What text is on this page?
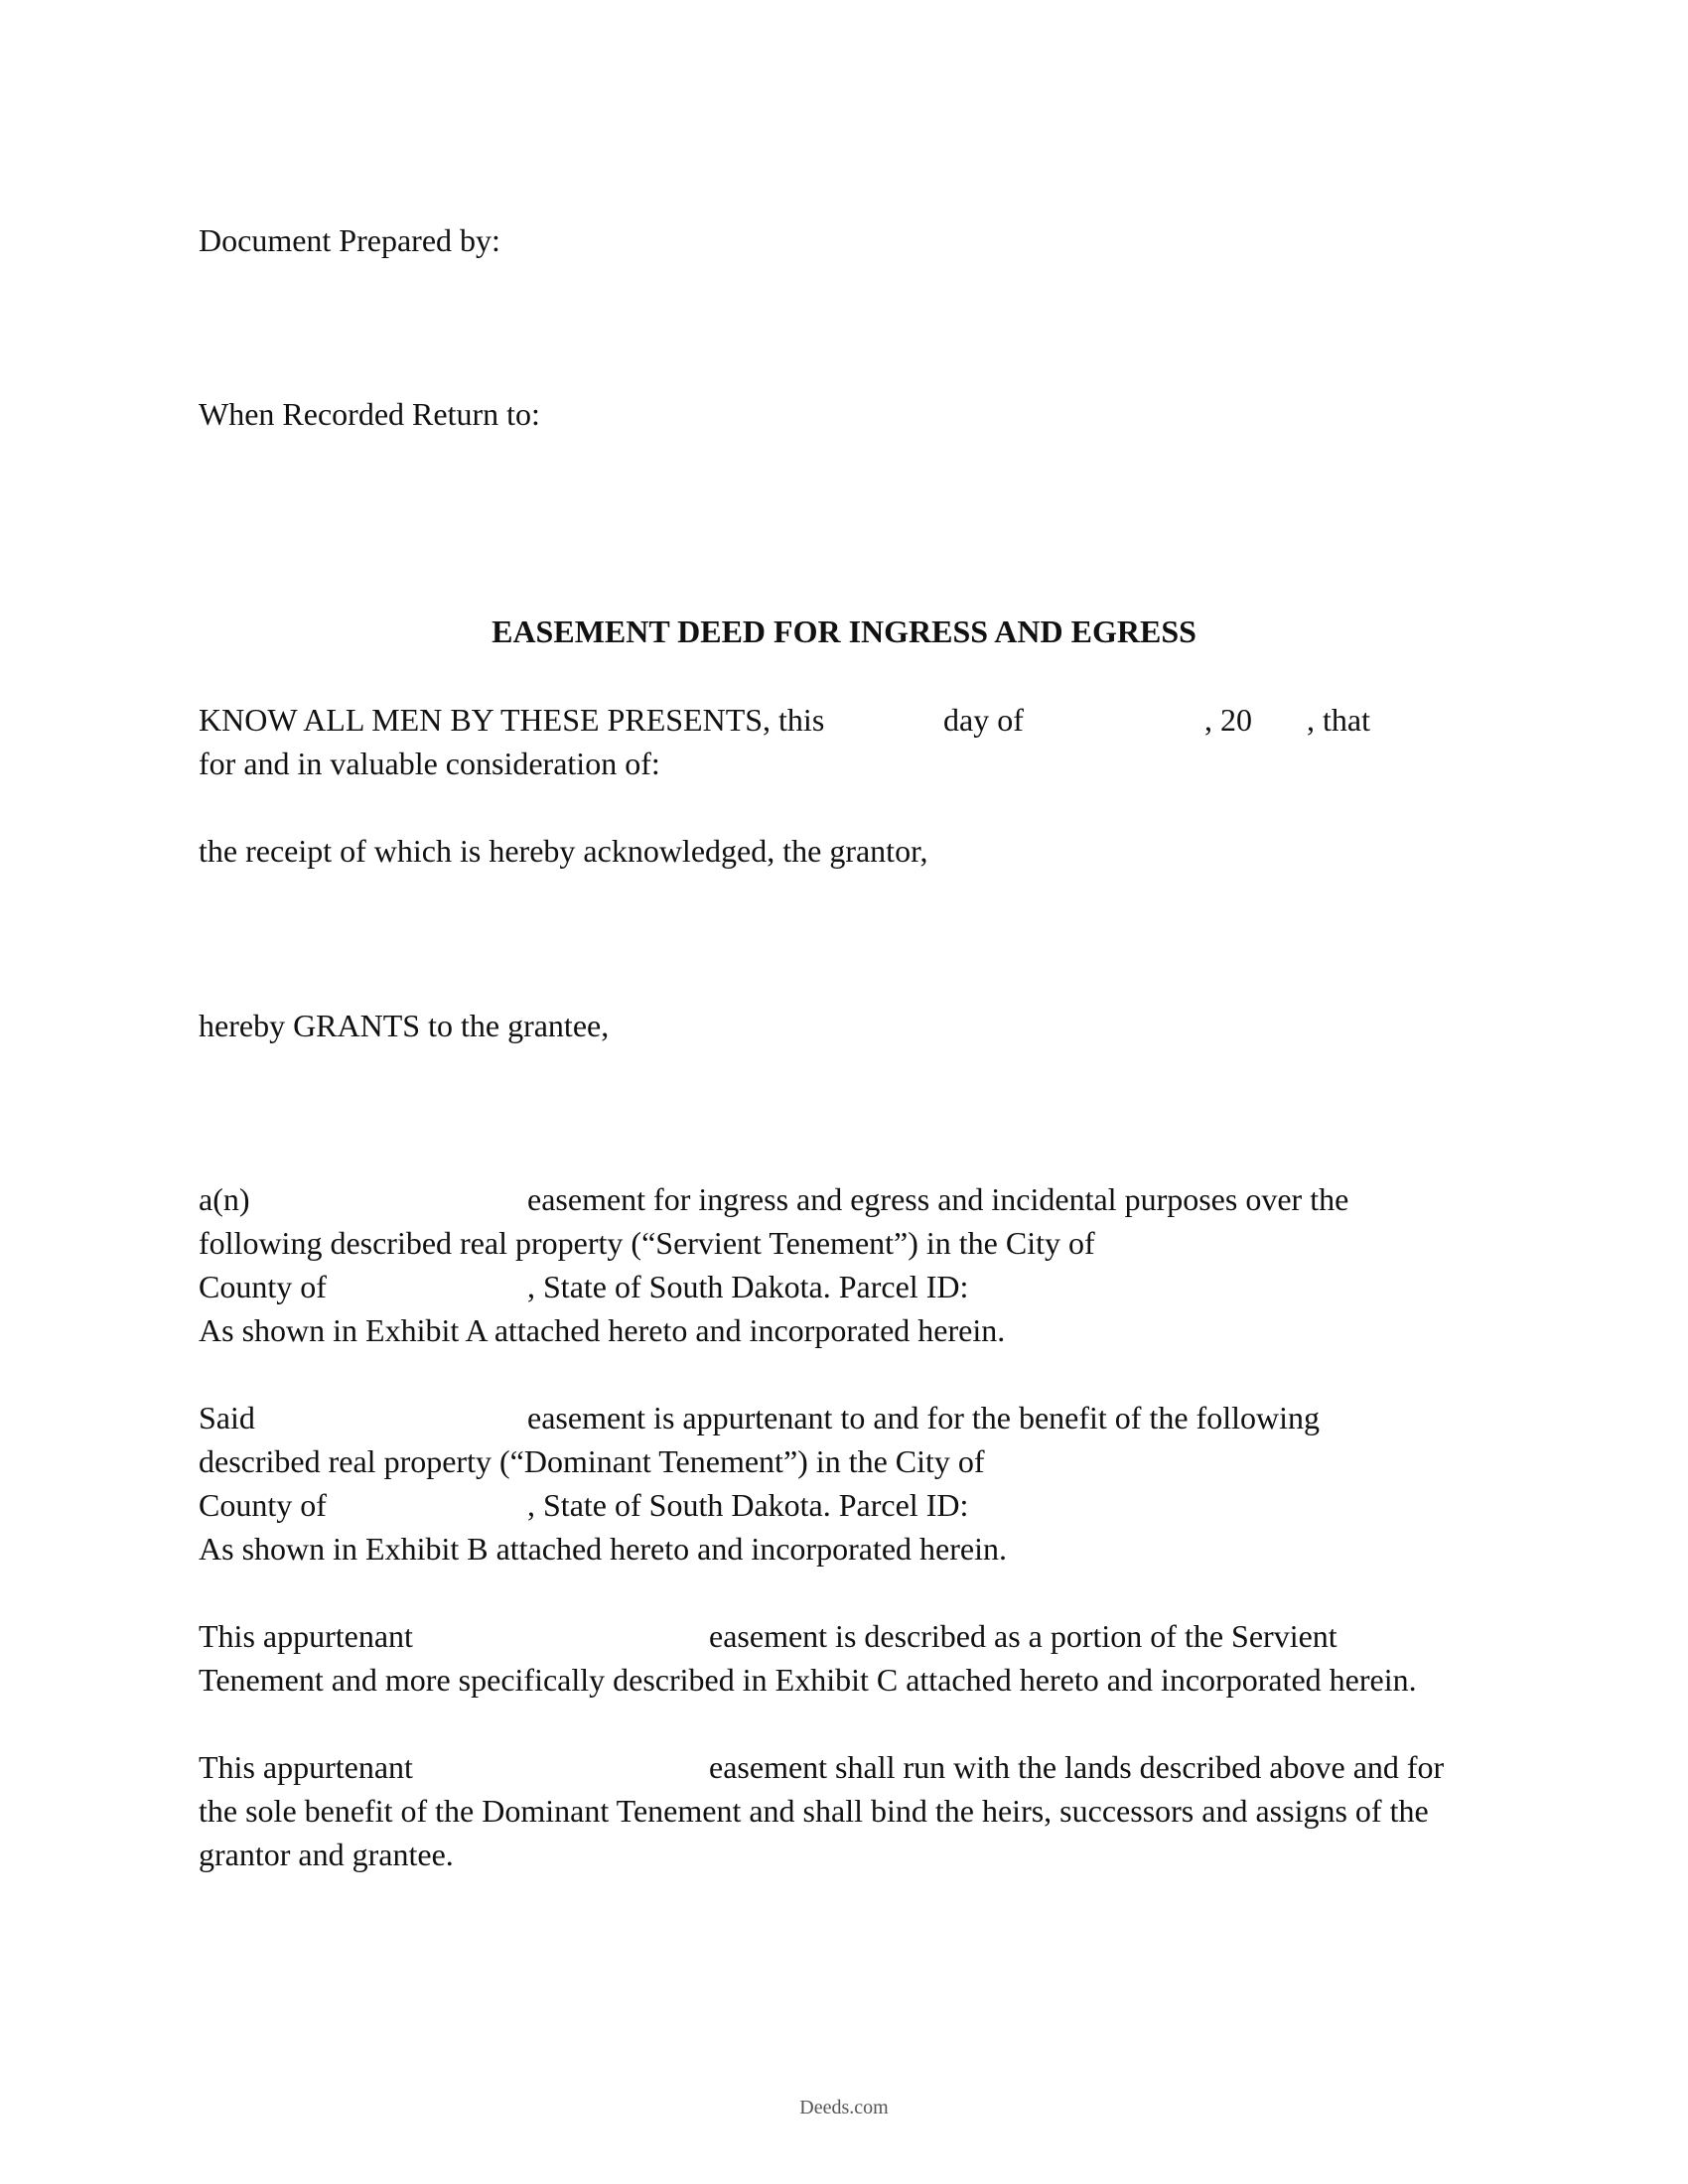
Document Prepared by:
When Recorded Return to:
EASEMENT DEED FOR INGRESS AND EGRESS
KNOW ALL MEN BY THESE PRESENTS, this	day of	, 20 , that
for and in valuable consideration of:
the receipt of which is hereby acknowledged, the grantor,
hereby GRANTS to the grantee,
a(n)	easement for ingress and egress and incidental purposes over the
following described real property (“Servient Tenement”) in the City of
County of	, State of South Dakota. Parcel ID:
As shown in Exhibit A attached hereto and incorporated herein.
Said	easement is appurtenant to and for the benefit of the following
described real property (“Dominant Tenement”) in the City of
County of	, State of South Dakota. Parcel ID:
As shown in Exhibit B attached hereto and incorporated herein.
This appurtenant	easement is described as a portion of the Servient
Tenement and more specifically described in Exhibit C attached hereto and incorporated herein.
This appurtenant	easement shall run with the lands described above and for
the sole benefit of the Dominant Tenement and shall bind the heirs, successors and assigns of the
grantor and grantee.
Deeds.com
